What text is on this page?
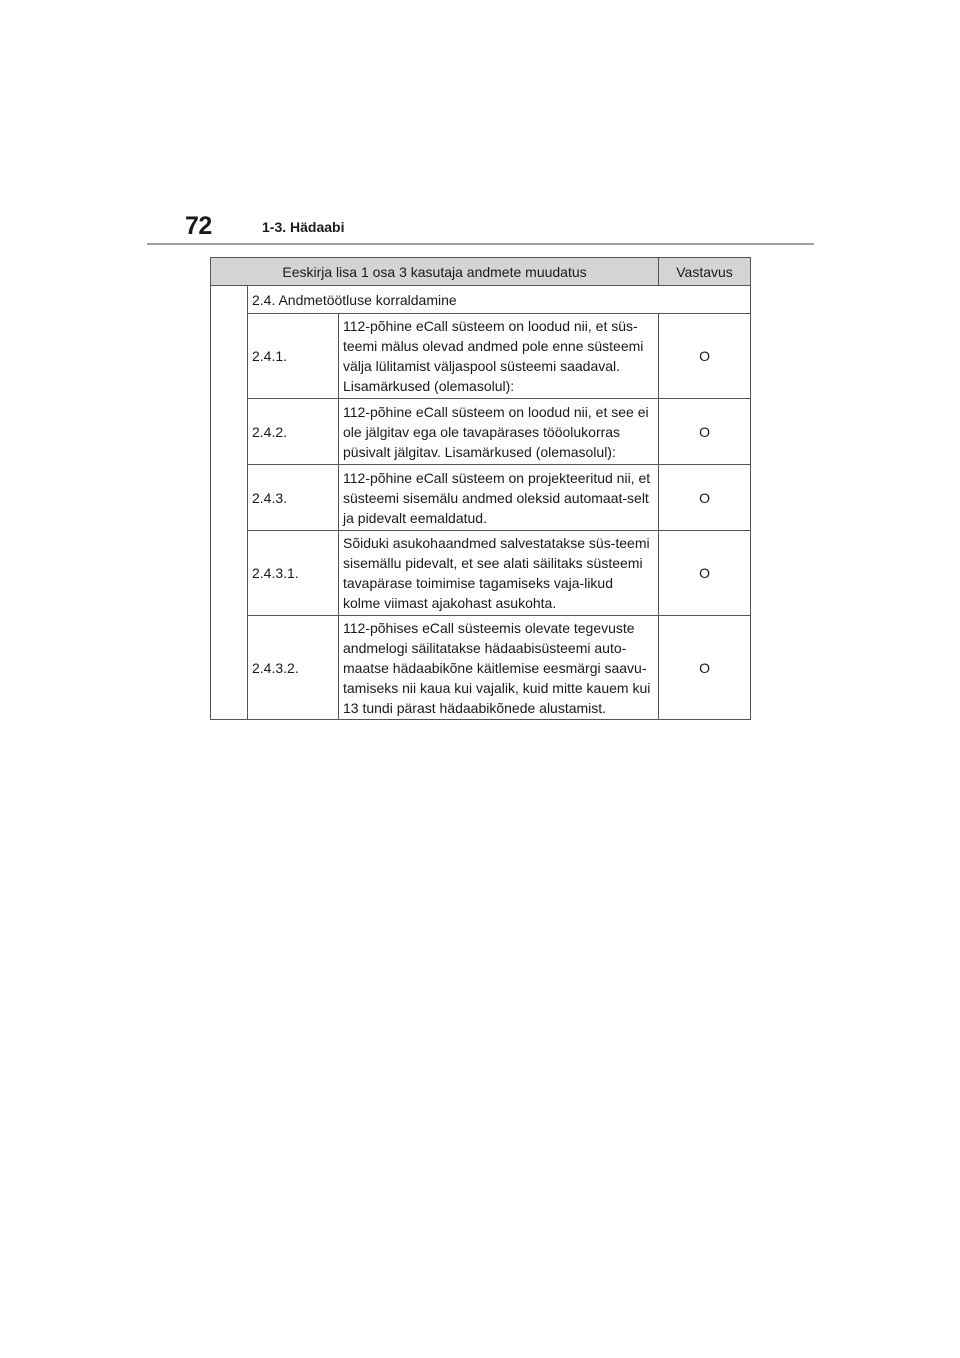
72	1-3. Hädaabi
Eeskirja lisa 1 osa 3 kasutaja andmete muudatus			Vastavus
	2.4. Andmetöötluse korraldamine		
	2.4.1.	112-põhine eCall süsteem on loodud nii, et süs-teemi mälus olevad andmed pole enne süsteemi välja lülitamist väljaspool süsteemi saadaval. Lisamärkused (olemasolul):	O
	2.4.2.	112-põhine eCall süsteem on loodud nii, et see ei ole jälgitav ega ole tavapärases tööolukorras püsivalt jälgitav. Lisamärkused (olemasolul):	O
	2.4.3.	112-põhine eCall süsteem on projekteeritud nii, et süsteemi sisemälu andmed oleksid automaat-selt ja pidevalt eemaldatud.	O
	2.4.3.1.	Sõiduki asukohaandmed salvestatakse süs-teemi sisemällu pidevalt, et see alati säilitaks süsteemi tavapärase toimimise tagamiseks vaja-likud kolme viimast ajakohast asukohta.	O
	2.4.3.2.	112-põhises eCall süsteemis olevate tegevuste andmelogi säilitatakse hädaabisüsteemi auto-maatse hädaabikõne käitlemise eesmärgi saavu-tamiseks nii kaua kui vajalik, kuid mitte kauem kui 13 tundi pärast hädaabikõnede alustamist.	O
